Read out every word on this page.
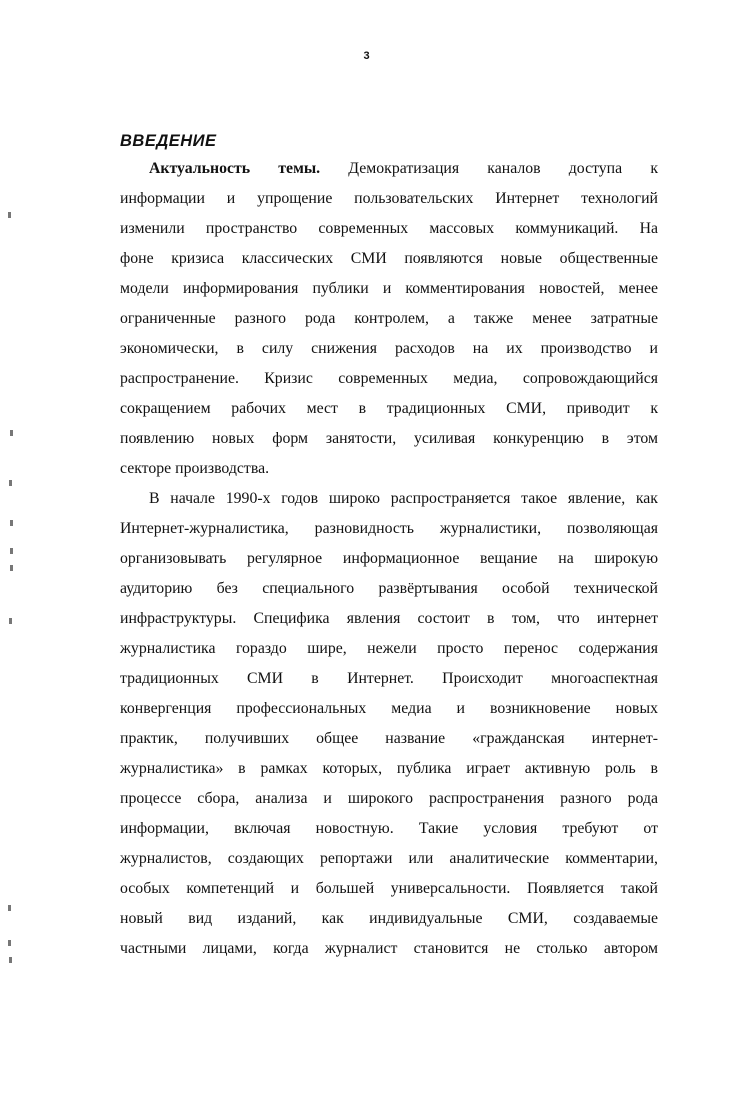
3
ВВЕДЕНИЕ
Актуальность темы. Демократизация каналов доступа к
информации и упрощение пользовательских Интернет технологий
изменили пространство современных массовых коммуникаций. На
фоне кризиса классических СМИ появляются новые общественные
модели информирования публики и комментирования новостей, менее
ограниченные разного рода контролем, а также менее затратные
экономически, в силу снижения расходов на их производство и
распространение. Кризис современных медиа, сопровождающийся
сокращением рабочих мест в традиционных СМИ, приводит к
появлению новых форм занятости, усиливая конкуренцию в этом
секторе производства.
В начале 1990-х годов широко распространяется такое явление, как
Интернет-журналистика, разновидность журналистики, позволяющая
организовывать регулярное информационное вещание на широкую
аудиторию без специального развёртывания особой технической
инфраструктуры. Специфика явления состоит в том, что интернет
журналистика гораздо шире, нежели просто перенос содержания
традиционных СМИ в Интернет. Происходит многоаспектная
конвергенция профессиональных медиа и возникновение новых
практик, получивших общее название «гражданская интернет-
журналистика» в рамках которых, публика играет активную роль в
процессе сбора, анализа и широкого распространения разного рода
информации, включая новостную. Такие условия требуют от
журналистов, создающих репортажи или аналитические комментарии,
особых компетенций и большей универсальности. Появляется такой
новый вид изданий, как индивидуальные СМИ, создаваемые
частными лицами, когда журналист становится не столько автором
